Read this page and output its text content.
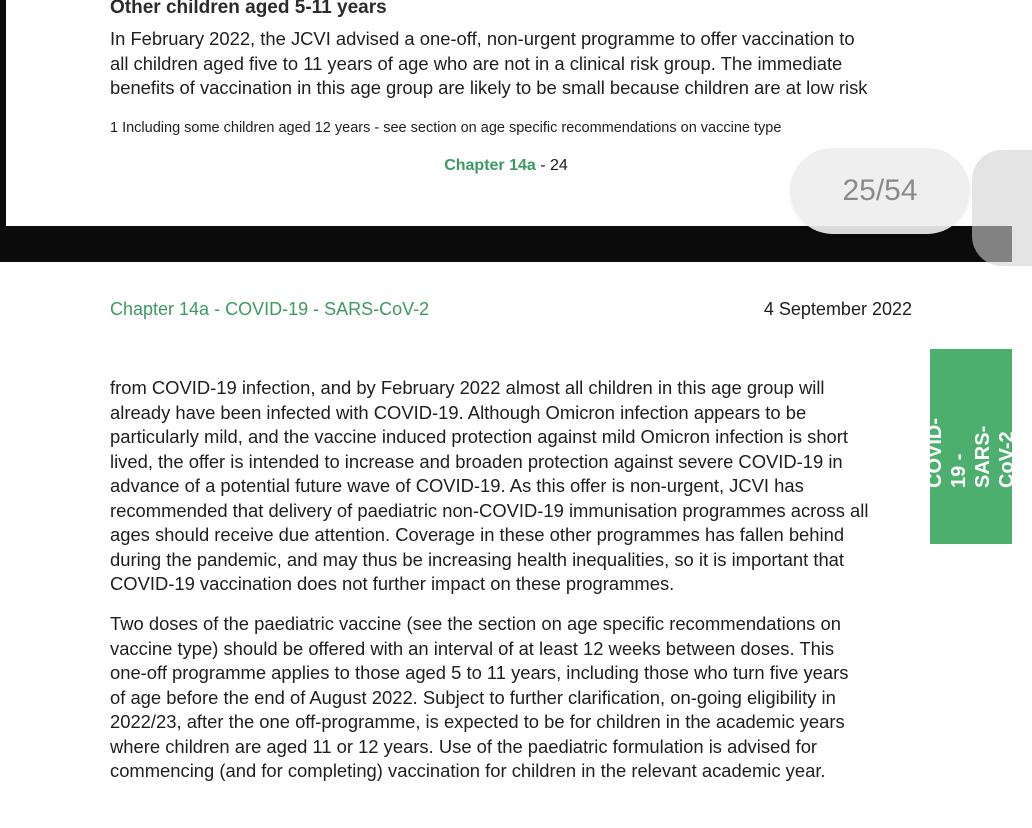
Other children aged 5-11 years

In February 2022, the JCVI advised a one-off, non-urgent programme to offer vaccination to
all children aged five to 11 years of age who are not in a clinical risk group. The immediate
benefits of vaccination in this age group are likely to be small because children are at low risk

1 Including some children aged 12 years - see section on age specific recommendations on vaccine type

Chapter 14a - 24

Chapter 14a - COVID-19 - SARS-CoV-2	4 September 2022

from COVID-19 infection, and by February 2022 almost all children in this age group will
already have been infected with COVID-19. Although Omicron infection appears to be
particularly mild, and the vaccine induced protection against mild Omicron infection is short
lived, the offer is intended to increase and broaden protection against severe COVID-19 in
advance of a potential future wave of COVID-19. As this offer is non-urgent, JCVI has
recommended that delivery of paediatric non-COVID-19 immunisation programmes across all
ages should receive due attention. Coverage in these other programmes has fallen behind
during the pandemic, and may thus be increasing health inequalities, so it is important that
COVID-19 vaccination does not further impact on these programmes.

Two doses of the paediatric vaccine (see the section on age specific recommendations on
vaccine type) should be offered with an interval of at least 12 weeks between doses. This
one-off programme applies to those aged 5 to 11 years, including those who turn five years
of age before the end of August 2022. Subject to further clarification, on-going eligibility in
2022/23, after the one off-programme, is expected to be for children in the academic years
where children are aged 11 or 12 years. Use of the paediatric formulation is advised for
commencing (and for completing) vaccination for children in the relevant academic year.

COVID-19 -
SARS-CoV-2
25/54
